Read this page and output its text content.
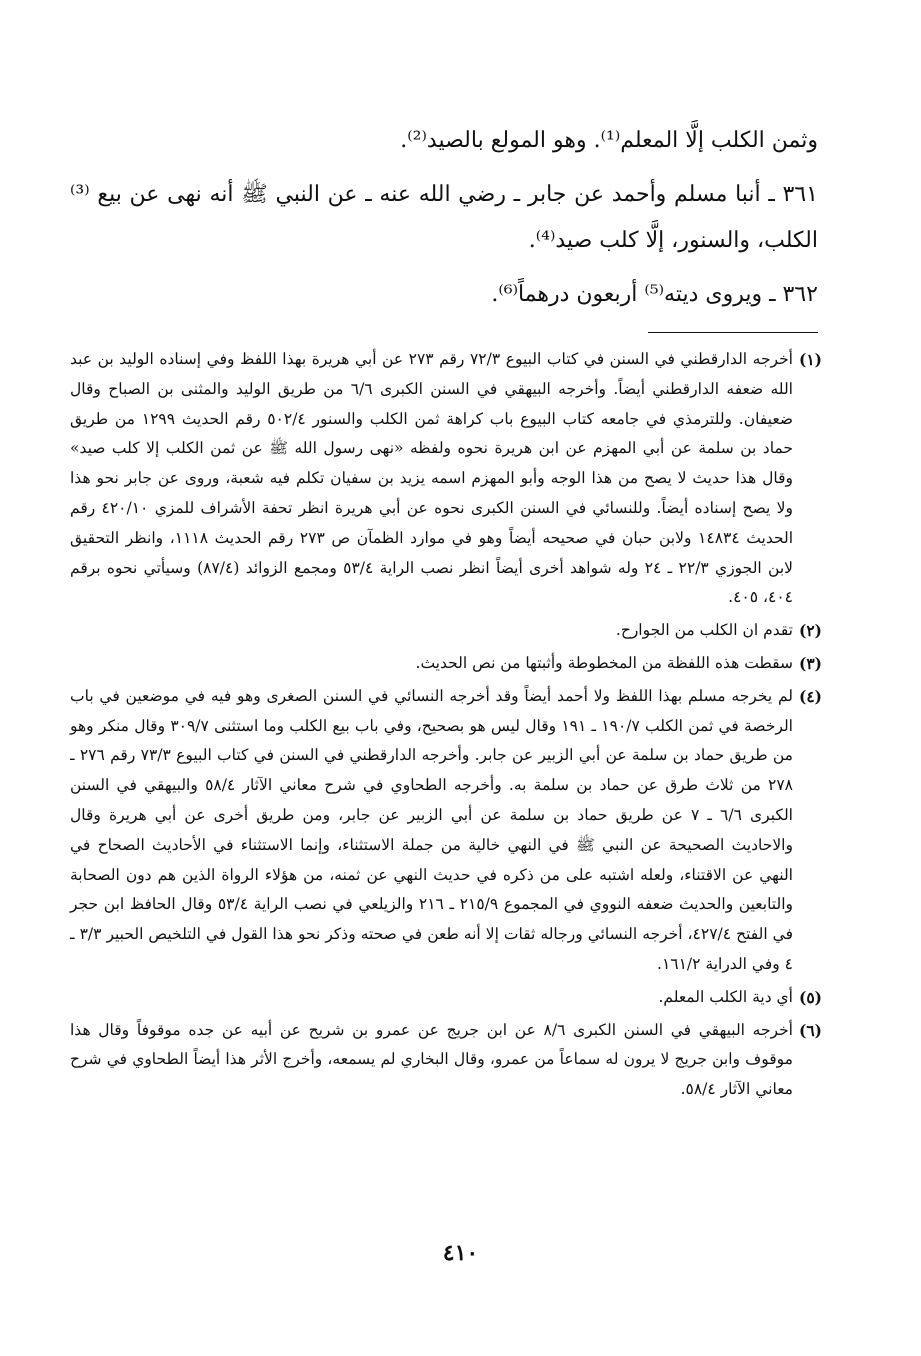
وثمن الكلب إلَّا المعلم⁽¹⁾. وهو المولع بالصيد⁽²⁾.

٣٦١ ـ أنبا مسلم وأحمد عن جابر ـ رضي الله عنه ـ عن النبي ﷺ أنه نهى عن بيع ⁽³⁾ الكلب، والسنور، إلَّا كلب صيد⁽⁴⁾.

٣٦٢ ـ ويروى ديته⁽⁵⁾ أربعون درهماً⁽⁶⁾.

(١)
أخرجه الدارقطني في السنن في كتاب البيوع ٧٢/٣ رقم ٢٧٣ عن أبي هريرة بهذا اللفظ وفي إسناده الوليد بن عبد الله ضعفه الدارقطني أيضاً. وأخرجه البيهقي في السنن الكبرى ٦/٦ من طريق الوليد والمثنى بن الصباح وقال ضعيفان. وللترمذي في جامعه كتاب البيوع باب كراهة ثمن الكلب والسنور ٥٠٢/٤ رقم الحديث ١٢٩٩ من طريق حماد بن سلمة عن أبي المهزم عن ابن هريرة نحوه ولفظه «نهى رسول الله ﷺ عن ثمن الكلب إلا كلب صيد» وقال هذا حديث لا يصح من هذا الوجه وأبو المهزم اسمه يزيد بن سفيان تكلم فيه شعبة، وروى عن جابر نحو هذا ولا يصح إسناده أيضاً. وللنسائي في السنن الكبرى نحوه عن أبي هريرة انظر تحفة الأشراف للمزي ٤٢٠/١٠ رقم الحديث ١٤٨٣٤ ولابن حبان في صحيحه أيضاً وهو في موارد الظمآن ص ٢٧٣ رقم الحديث ١١١٨، وانظر التحقيق لابن الجوزي ٢٢/٣ ـ ٢٤ وله شواهد أخرى أيضاً انظر نصب الراية ٥٣/٤ ومجمع الزوائد (٨٧/٤) وسيأتي نحوه برقم ٤٠٤، ٤٠٥.
(٢)
تقدم ان الكلب من الجوارح.
(٣)
سقطت هذه اللفظة من المخطوطة وأثبتها من نص الحديث.
(٤)
لم يخرجه مسلم بهذا اللفظ ولا أحمد أيضاً وقد أخرجه النسائي في السنن الصغرى وهو فيه في موضعين في باب الرخصة في ثمن الكلب ١٩٠/٧ ـ ١٩١ وقال ليس هو بصحيح، وفي باب بيع الكلب وما استثنى ٣٠٩/٧ وقال منكر وهو من طريق حماد بن سلمة عن أبي الزبير عن جابر. وأخرجه الدارقطني في السنن في كتاب البيوع ٧٣/٣ رقم ٢٧٦ ـ ٢٧٨ من ثلاث طرق عن حماد بن سلمة به. وأخرجه الطحاوي في شرح معاني الآثار ٥٨/٤ والبيهقي في السنن الكبرى ٦/٦ ـ ٧ عن طريق حماد بن سلمة عن أبي الزبير عن جابر، ومن طريق أخرى عن أبي هريرة وقال والاحاديث الصحيحة عن النبي ﷺ في النهي خالية من جملة الاستثناء، وإنما الاستثناء في الأحاديث الصحاح في النهي عن الاقتناء، ولعله اشتبه على من ذكره في حديث النهي عن ثمنه، من هؤلاء الرواة الذين هم دون الصحابة والتابعين والحديث ضعفه النووي في المجموع ٢١٥/٩ ـ ٢١٦ والزيلعي في نصب الراية ٥٣/٤ وقال الحافظ ابن حجر في الفتح ٤٢٧/٤، أخرجه النسائي ورجاله ثقات إلا أنه طعن في صحته وذكر نحو هذا القول في التلخيص الحبير ٣/٣ ـ ٤ وفي الدراية ١٦١/٢.
(٥)
أي دية الكلب المعلم.
(٦)
أخرجه البيهقي في السنن الكبرى ٨/٦ عن ابن جريج عن عمرو بن شريح عن أبيه عن جده موقوفاً وقال هذا موقوف وابن جريج لا يرون له سماعاً من عمرو، وقال البخاري لم يسمعه، وأخرج الأثر هذا أيضاً الطحاوي في شرح معاني الآثار ٥٨/٤.
٤١٠
